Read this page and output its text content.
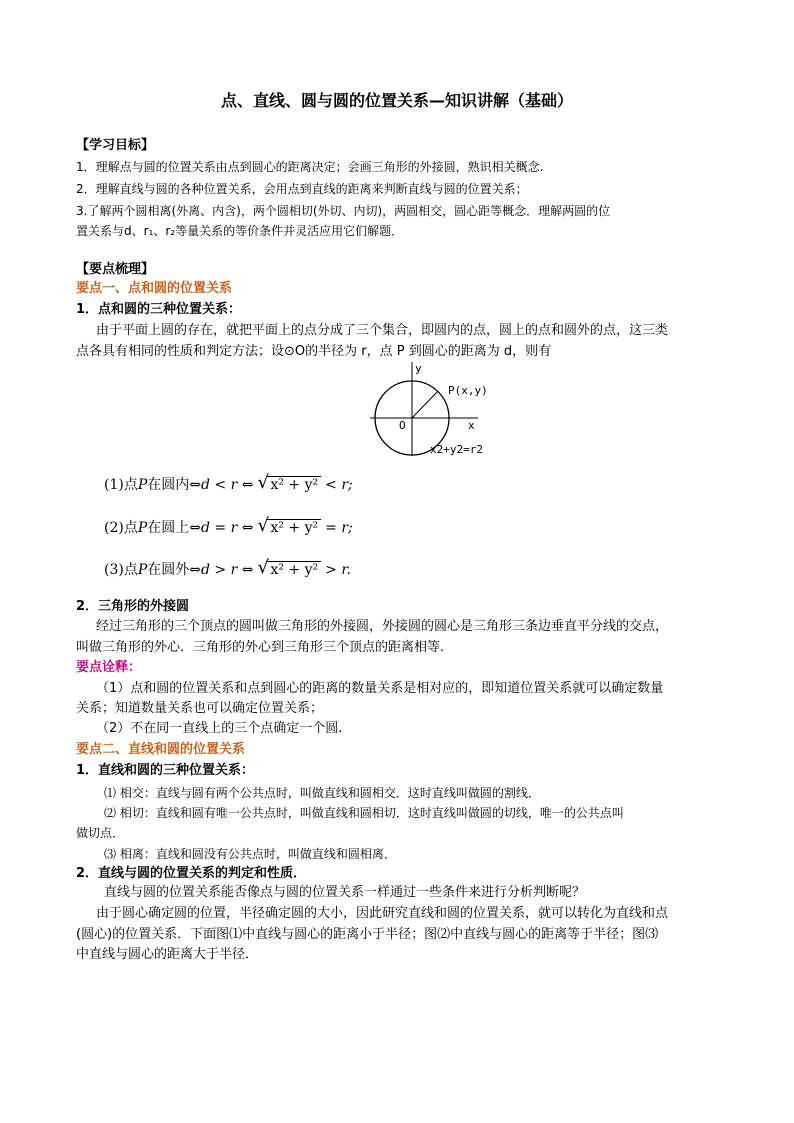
点、直线、圆与圆的位置关系—知识讲解（基础）
【学习目标】
1．理解点与圆的位置关系由点到圆心的距离决定；会画三角形的外接圆，熟识相关概念.
2．理解直线与圆的各种位置关系，会用点到直线的距离来判断直线与圆的位置关系；
3.了解两个圆相离(外离、内含)，两个圆相切(外切、内切)，两圆相交，圆心距等概念．理解两圆的位
置关系与d、r₁、r₂等量关系的等价条件并灵活应用它们解题．
【要点梳理】
要点一、点和圆的位置关系
1．点和圆的三种位置关系：
由于平面上圆的存在，就把平面上的点分成了三个集合，即圆内的点，圆上的点和圆外的点，这三类
点各具有相同的性质和判定方法；设⊙O的半径为 r，点 P 到圆心的距离为 d，则有
y
x
O
P(x,y)
x2+y2=r2
(1)点P在圆内⇔d < r ⇔ √ x² + y² < r;
(2)点P在圆上⇔d = r ⇔ √ x² + y² = r;
(3)点P在圆外⇔d > r ⇔ √ x² + y² > r.
2．三角形的外接圆
经过三角形的三个顶点的圆叫做三角形的外接圆，外接圆的圆心是三角形三条边垂直平分线的交点，
叫做三角形的外心．三角形的外心到三角形三个顶点的距离相等.
要点诠释：
（1）点和圆的位置关系和点到圆心的距离的数量关系是相对应的，即知道位置关系就可以确定数量
关系；知道数量关系也可以确定位置关系；
（2）不在同一直线上的三个点确定一个圆.
要点二、直线和圆的位置关系
1．直线和圆的三种位置关系：
⑴ 相交：直线与圆有两个公共点时，叫做直线和圆相交．这时直线叫做圆的割线．
⑵ 相切：直线和圆有唯一公共点时，叫做直线和圆相切．这时直线叫做圆的切线，唯一的公共点叫
做切点．
⑶ 相离：直线和圆没有公共点时，叫做直线和圆相离．
2．直线与圆的位置关系的判定和性质．
直线与圆的位置关系能否像点与圆的位置关系一样通过一些条件来进行分析判断呢？
由于圆心确定圆的位置，半径确定圆的大小，因此研究直线和圆的位置关系，就可以转化为直线和点
(圆心)的位置关系．下面图⑴中直线与圆心的距离小于半径；图⑵中直线与圆心的距离等于半径；图⑶
中直线与圆心的距离大于半径．
